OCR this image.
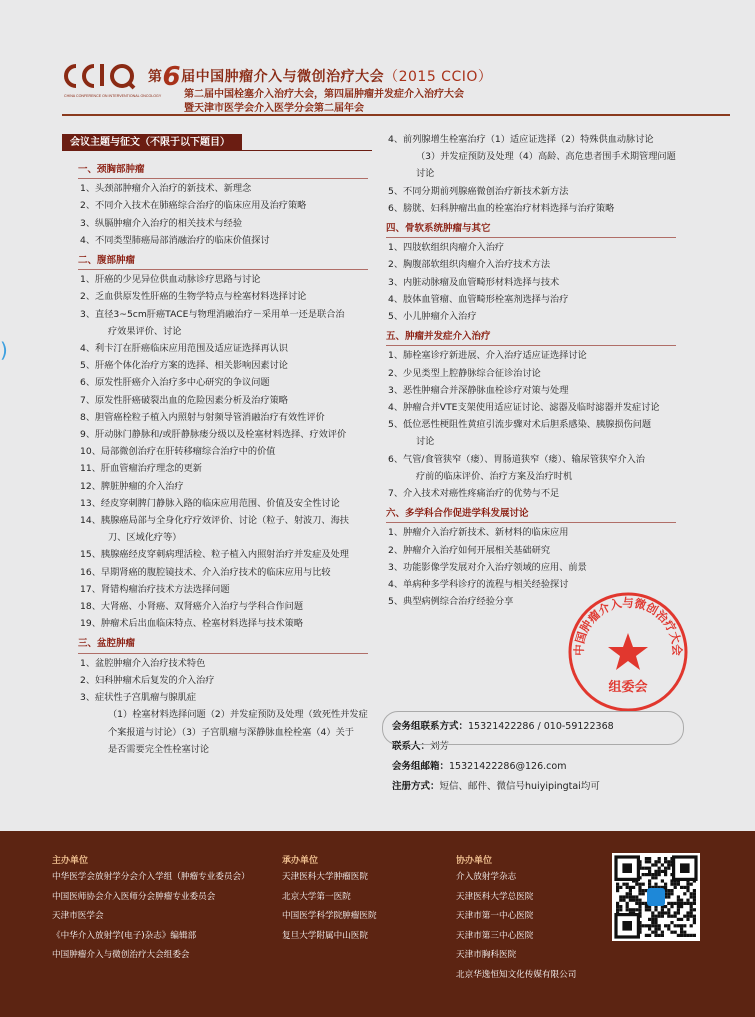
)
CHINA CONFERENCE ON INTERVENTIONAL ONCOLOGY
第6届中国肿瘤介入与微创治疗大会（2015 CCIO）
第二届中国栓塞介入治疗大会，第四届肿瘤并发症介入治疗大会
暨天津市医学会介入医学分会第二届年会
会议主题与征文（不限于以下题目）
一、颈胸部肿瘤
1、头颈部肿瘤介入治疗的新技术、新理念
2、不同介入技术在肺癌综合治疗的临床应用及治疗策略
3、纵膈肿瘤介入治疗的相关技术与经验
4、不同类型肺癌局部消融治疗的临床价值探讨
二、腹部肿瘤
1、肝癌的少见异位供血动脉诊疗思路与讨论
2、乏血供原发性肝癌的生物学特点与栓塞材料选择讨论
3、直径3~5cm肝癌TACE与物理消融治疗－采用单一还是联合治
疗效果评价、讨论
4、利卡汀在肝癌临床应用范围及适应证选择再认识
5、肝癌个体化治疗方案的选择、相关影响因素讨论
6、原发性肝癌介入治疗多中心研究的争议问题
7、原发性肝癌破裂出血的危险因素分析及治疗策略
8、胆管癌栓粒子植入内照射与射频导管消融治疗有效性评价
9、肝动脉门静脉和/或肝静脉瘘分级以及栓塞材料选择、疗效评价
10、局部微创治疗在肝转移瘤综合治疗中的价值
11、肝血管瘤治疗理念的更新
12、脾脏肿瘤的介入治疗
13、经皮穿刺脾门静脉入路的临床应用范围、价值及安全性讨论
14、胰腺癌局部与全身化疗疗效评价、讨论（粒子、射波刀、海扶
刀、区域化疗等）
15、胰腺癌经皮穿刺病理活检、粒子植入内照射治疗并发症及处理
16、早期肾癌的腹腔镜技术、介入治疗技术的临床应用与比较
17、肾错构瘤治疗技术方法选择问题
18、大肾癌、小肾癌、双肾癌介入治疗与学科合作问题
19、肿瘤术后出血临床特点、栓塞材料选择与技术策略
三、盆腔肿瘤
1、盆腔肿瘤介入治疗技术特色
2、妇科肿瘤术后复发的介入治疗
3、症状性子宫肌瘤与腺肌症
（1）栓塞材料选择问题（2）并发症预防及处理（致死性并发症
个案报道与讨论）（3）子宫肌瘤与深静脉血栓栓塞（4）关于
是否需要完全性栓塞讨论
4、前列腺增生栓塞治疗（1）适应证选择（2）特殊供血动脉讨论
（3）并发症预防及处理（4）高龄、高危患者围手术期管理问题
讨论
5、不同分期前列腺癌微创治疗新技术新方法
6、膀胱、妇科肿瘤出血的栓塞治疗材料选择与治疗策略
四、骨软系统肿瘤与其它
1、四肢软组织肉瘤介入治疗
2、胸腹部软组织肉瘤介入治疗技术方法
3、内脏动脉瘤及血管畸形材料选择与技术
4、肢体血管瘤、血管畸形栓塞剂选择与治疗
5、小儿肿瘤介入治疗
五、肿瘤并发症介入治疗
1、肺栓塞诊疗新进展、介入治疗适应证选择讨论
2、少见类型上腔静脉综合征诊治讨论
3、恶性肿瘤合并深静脉血栓诊疗对策与处理
4、肿瘤合并VTE支架使用适应证讨论、滤器及临时滤器并发症讨论
5、低位恶性梗阻性黄疸引流步骤对术后胆系感染、胰腺损伤问题
讨论
6、气管/食管狭窄（瘘）、胃肠道狭窄（瘘）、输尿管狭窄介入治
疗前的临床评价、治疗方案及治疗时机
7、介入技术对癌性疼痛治疗的优势与不足
六、多学科合作促进学科发展讨论
1、肿瘤介入治疗新技术、新材料的临床应用
2、肿瘤介入治疗如何开展相关基础研究
3、功能影像学发展对介入治疗领域的应用、前景
4、单病种多学科诊疗的流程与相关经验探讨
5、典型病例综合治疗经验分享
中国肿瘤介入与微创治疗大会
组委会
会务组联系方式：15321422286 / 010-59122368
联系人：刘芳
会务组邮箱：15321422286@126.com
注册方式：短信、邮件、微信号huiyipingtai均可
主办单位
中华医学会放射学分会介入学组（肿瘤专业委员会）
中国医师协会介入医师分会肿瘤专业委员会
天津市医学会
《中华介入放射学(电子)杂志》编辑部
中国肿瘤介入与微创治疗大会组委会
承办单位
天津医科大学肿瘤医院
北京大学第一医院
中国医学科学院肿瘤医院
复旦大学附属中山医院
协办单位
介入放射学杂志
天津医科大学总医院
天津市第一中心医院
天津市第三中心医院
天津市胸科医院
北京华逸恒知文化传媒有限公司
